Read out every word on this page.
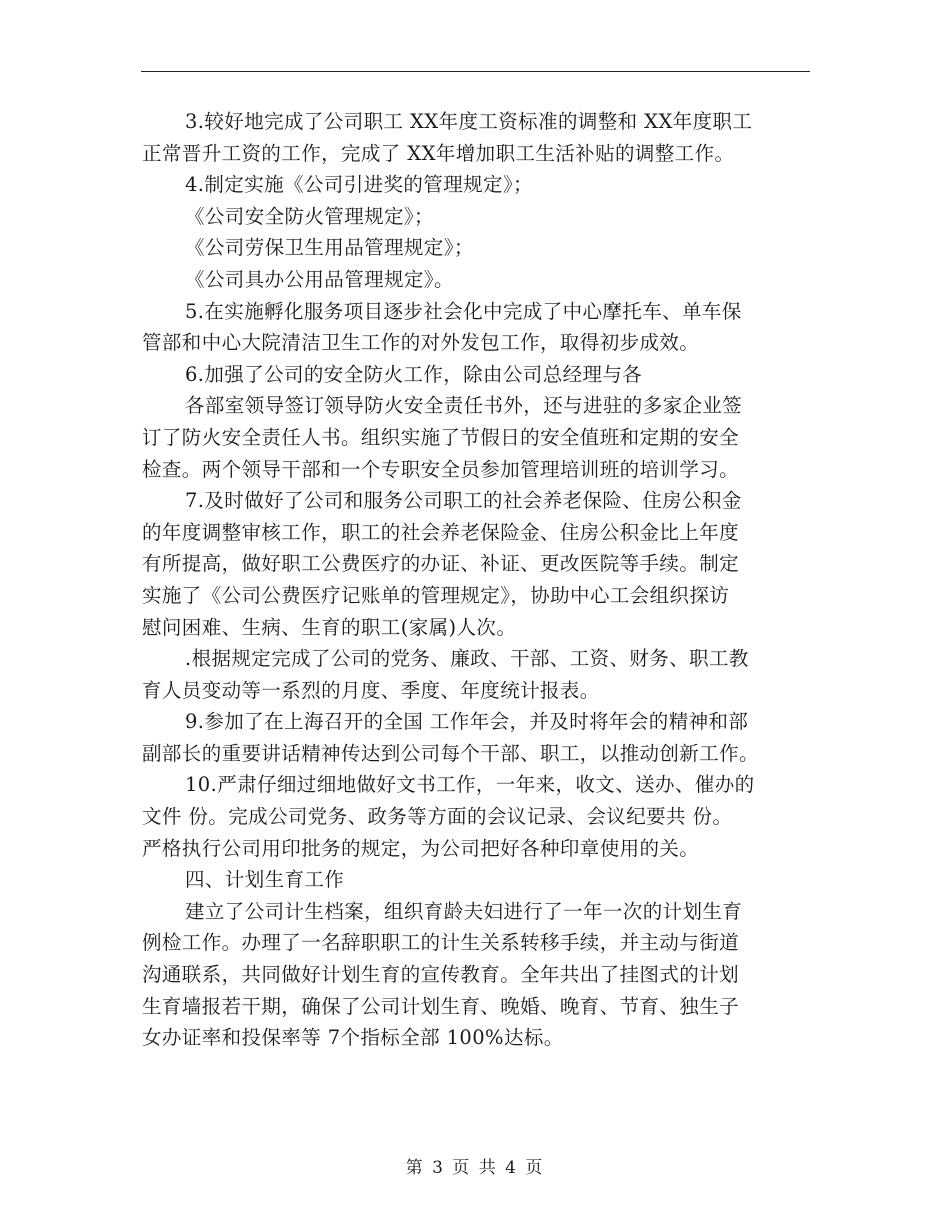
3.较好地完成了公司职工 XX年度工资标准的调整和 XX年度职工
正常晋升工资的工作，完成了 XX年增加职工生活补贴的调整工作。
4.制定实施《公司引进奖的管理规定》；
《公司安全防火管理规定》；
《公司劳保卫生用品管理规定》；
《公司具办公用品管理规定》。
5.在实施孵化服务项目逐步社会化中完成了中心摩托车、单车保
管部和中心大院清洁卫生工作的对外发包工作，取得初步成效。
6.加强了公司的安全防火工作，除由公司总经理与各
各部室领导签订领导防火安全责任书外，还与进驻的多家企业签
订了防火安全责任人书。组织实施了节假日的安全值班和定期的安全
检查。两个领导干部和一个专职安全员参加管理培训班的培训学习。
7.及时做好了公司和服务公司职工的社会养老保险、住房公积金
的年度调整审核工作，职工的社会养老保险金、住房公积金比上年度
有所提高，做好职工公费医疗的办证、补证、更改医院等手续。制定
实施了《公司公费医疗记账单的管理规定》，协助中心工会组织探访
慰问困难、生病、生育的职工(家属)人次。
.根据规定完成了公司的党务、廉政、干部、工资、财务、职工教
育人员变动等一系烈的月度、季度、年度统计报表。
9.参加了在上海召开的全国 工作年会，并及时将年会的精神和部
副部长的重要讲话精神传达到公司每个干部、职工，以推动创新工作。
10.严肃仔细过细地做好文书工作，一年来，收文、送办、催办的
文件 份。完成公司党务、政务等方面的会议记录、会议纪要共 份。
严格执行公司用印批务的规定，为公司把好各种印章使用的关。
四、计划生育工作
建立了公司计生档案，组织育龄夫妇进行了一年一次的计划生育
例检工作。办理了一名辞职职工的计生关系转移手续，并主动与街道
沟通联系，共同做好计划生育的宣传教育。全年共出了挂图式的计划
生育墙报若干期，确保了公司计划生育、晚婚、晚育、节育、独生子
女办证率和投保率等 7个指标全部 100%达标。
第 3 页 共 4 页
